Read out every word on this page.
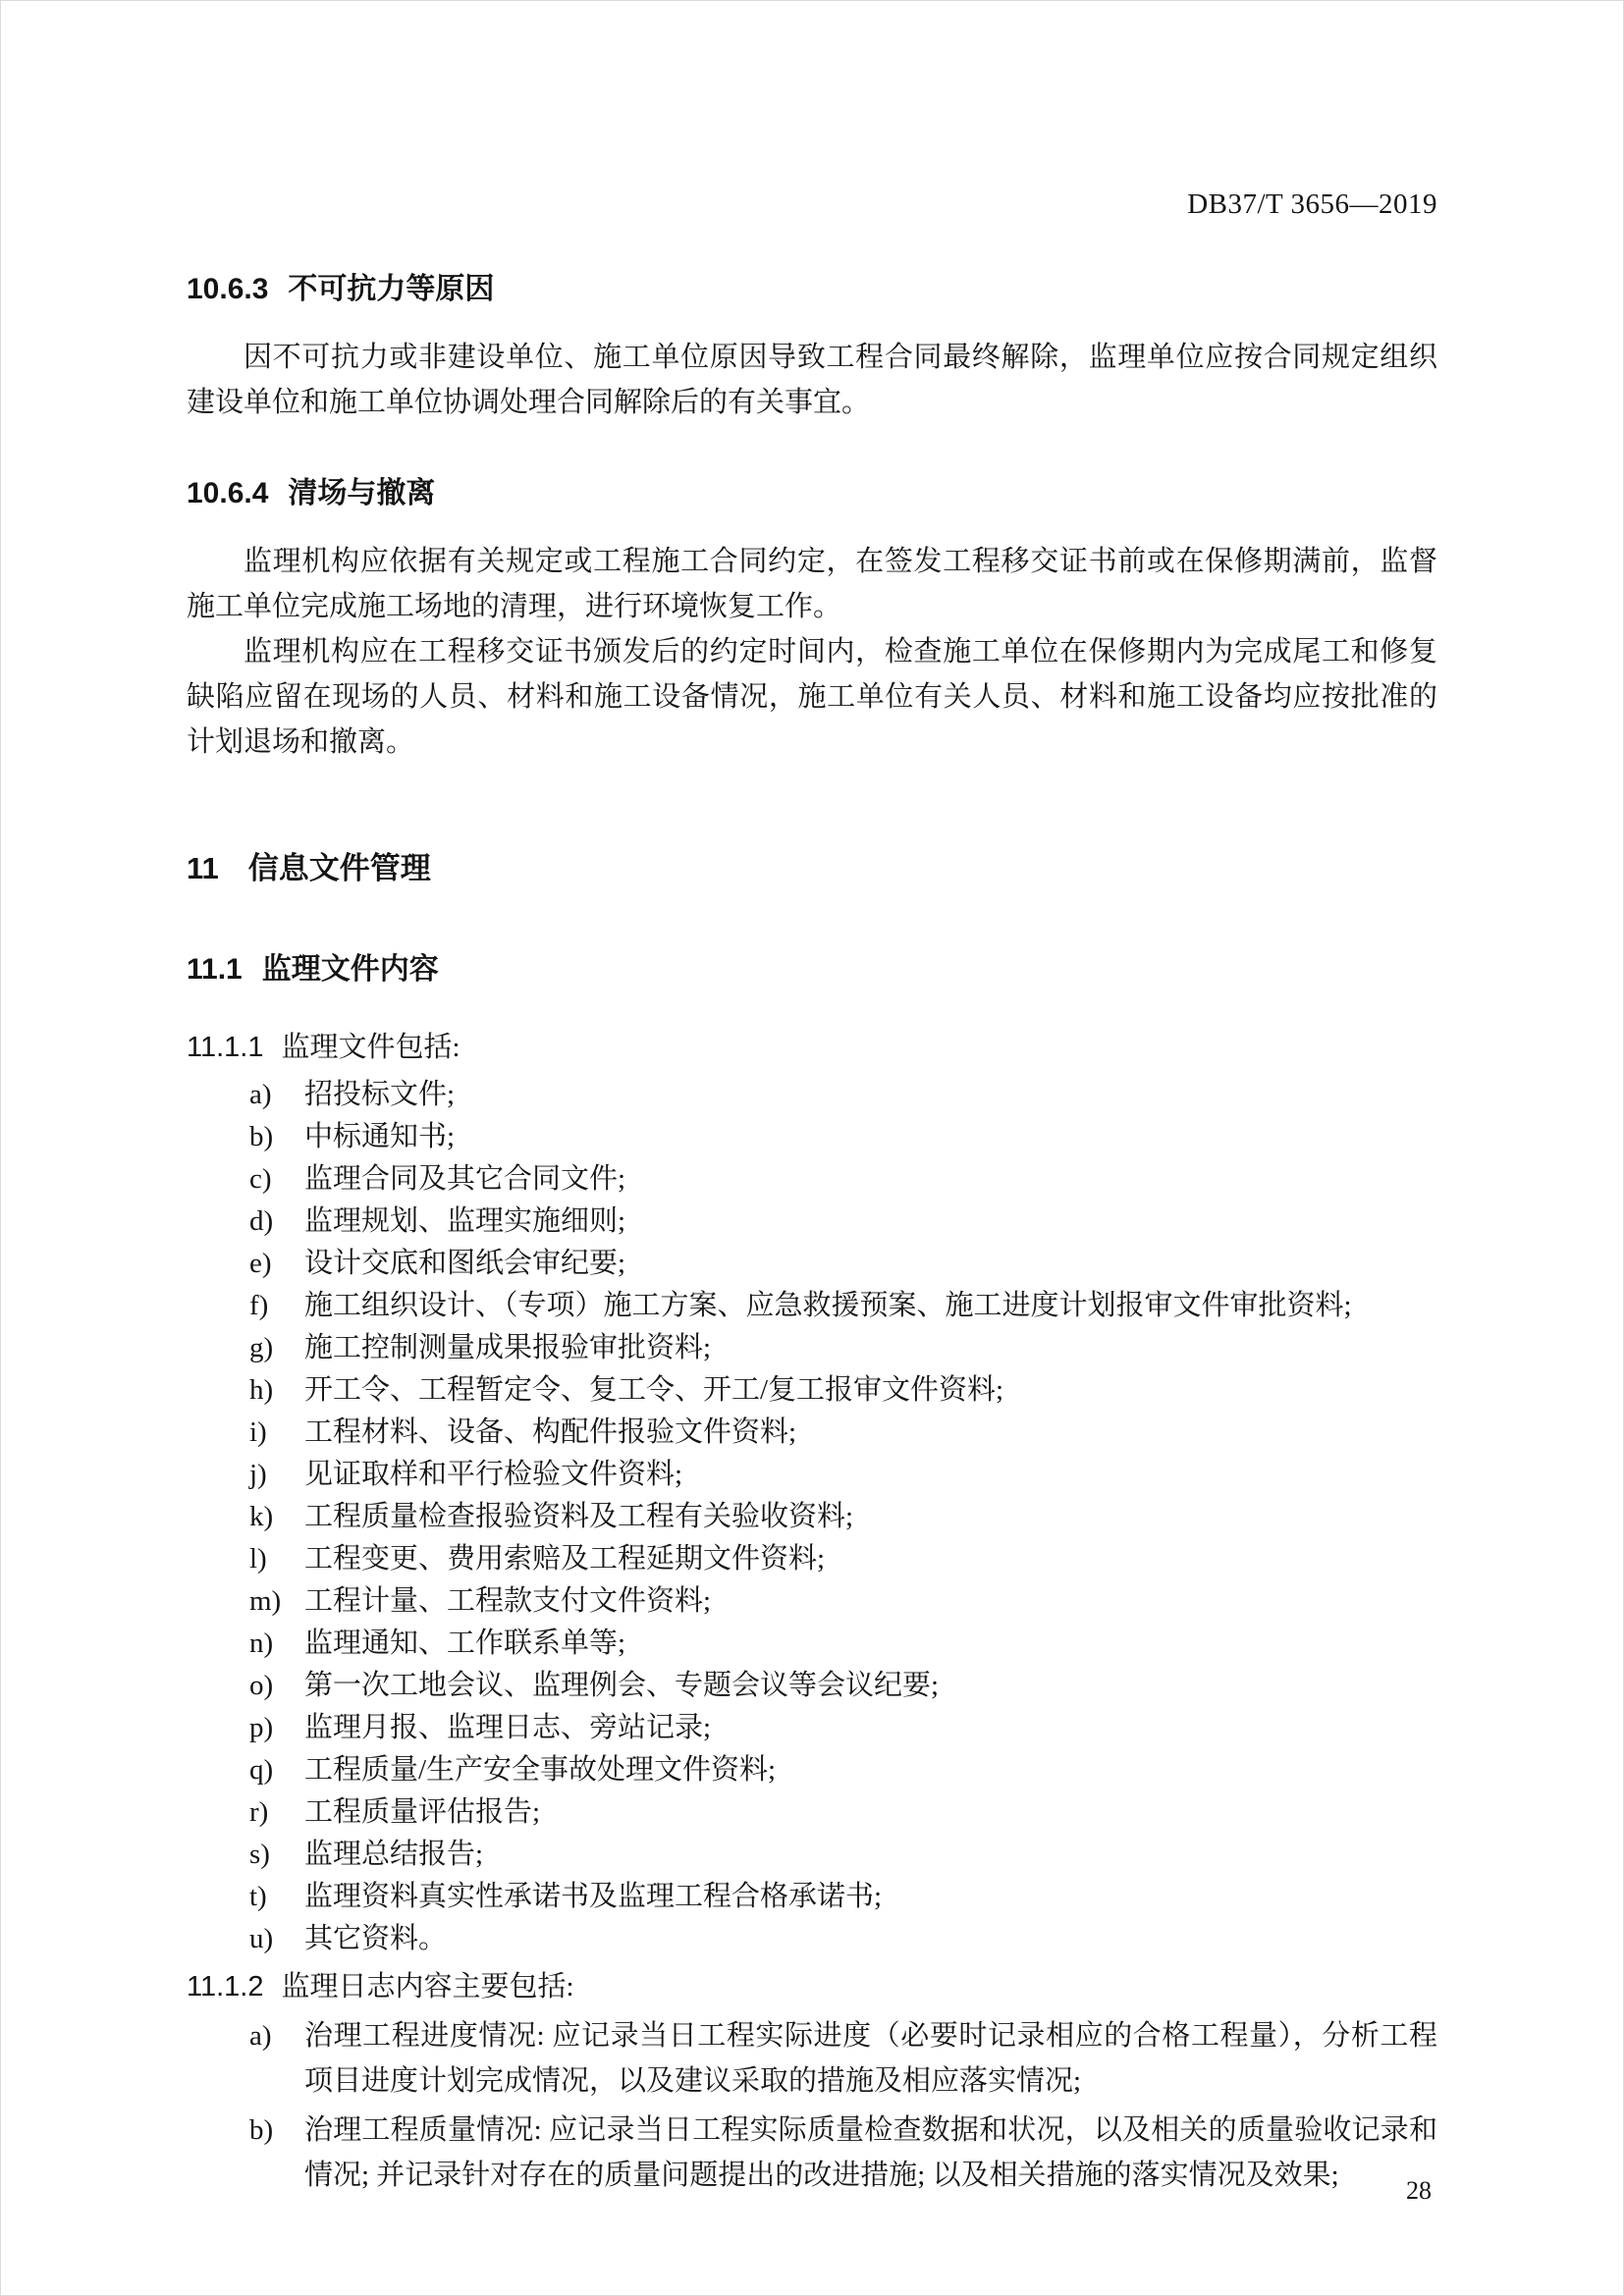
DB37/T 3656—2019
10.6.3 不可抗力等原因

因不可抗力或非建设单位、施工单位原因导致工程合同最终解除，监理单位应按合同规定组织建设单位和施工单位协调处理合同解除后的有关事宜。

10.6.4 清场与撤离

监理机构应依据有关规定或工程施工合同约定，在签发工程移交证书前或在保修期满前，监督施工单位完成施工场地的清理，进行环境恢复工作。

监理机构应在工程移交证书颁发后的约定时间内，检查施工单位在保修期内为完成尾工和修复缺陷应留在现场的人员、材料和施工设备情况，施工单位有关人员、材料和施工设备均应按批准的计划退场和撤离。

11 信息文件管理
11.1 监理文件内容
11.1.1 监理文件包括:
a)	招投标文件;
b)	中标通知书;
c)	监理合同及其它合同文件;
d)	监理规划、监理实施细则;
e)	设计交底和图纸会审纪要;
f)	施工组织设计、（专项）施工方案、应急救援预案、施工进度计划报审文件审批资料;
g)	施工控制测量成果报验审批资料;
h)	开工令、工程暂定令、复工令、开工/复工报审文件资料;
i)	工程材料、设备、构配件报验文件资料;
j)	见证取样和平行检验文件资料;
k)	工程质量检查报验资料及工程有关验收资料;
l)	工程变更、费用索赔及工程延期文件资料;
m) 工程计量、工程款支付文件资料;
n)	监理通知、工作联系单等;
o)	第一次工地会议、监理例会、专题会议等会议纪要;
p)	监理月报、监理日志、旁站记录;
q)	工程质量/生产安全事故处理文件资料;
r)	工程质量评估报告;
s)	监理总结报告;
t)	监理资料真实性承诺书及监理工程合格承诺书;
u)	其它资料。
11.1.2 监理日志内容主要包括:
a)	治理工程进度情况: 应记录当日工程实际进度（必要时记录相应的合格工程量），分析工程项目进度计划完成情况，以及建议采取的措施及相应落实情况;
b)	治理工程质量情况: 应记录当日工程实际质量检查数据和状况，以及相关的质量验收记录和情况; 并记录针对存在的质量问题提出的改进措施; 以及相关措施的落实情况及效果;	28
